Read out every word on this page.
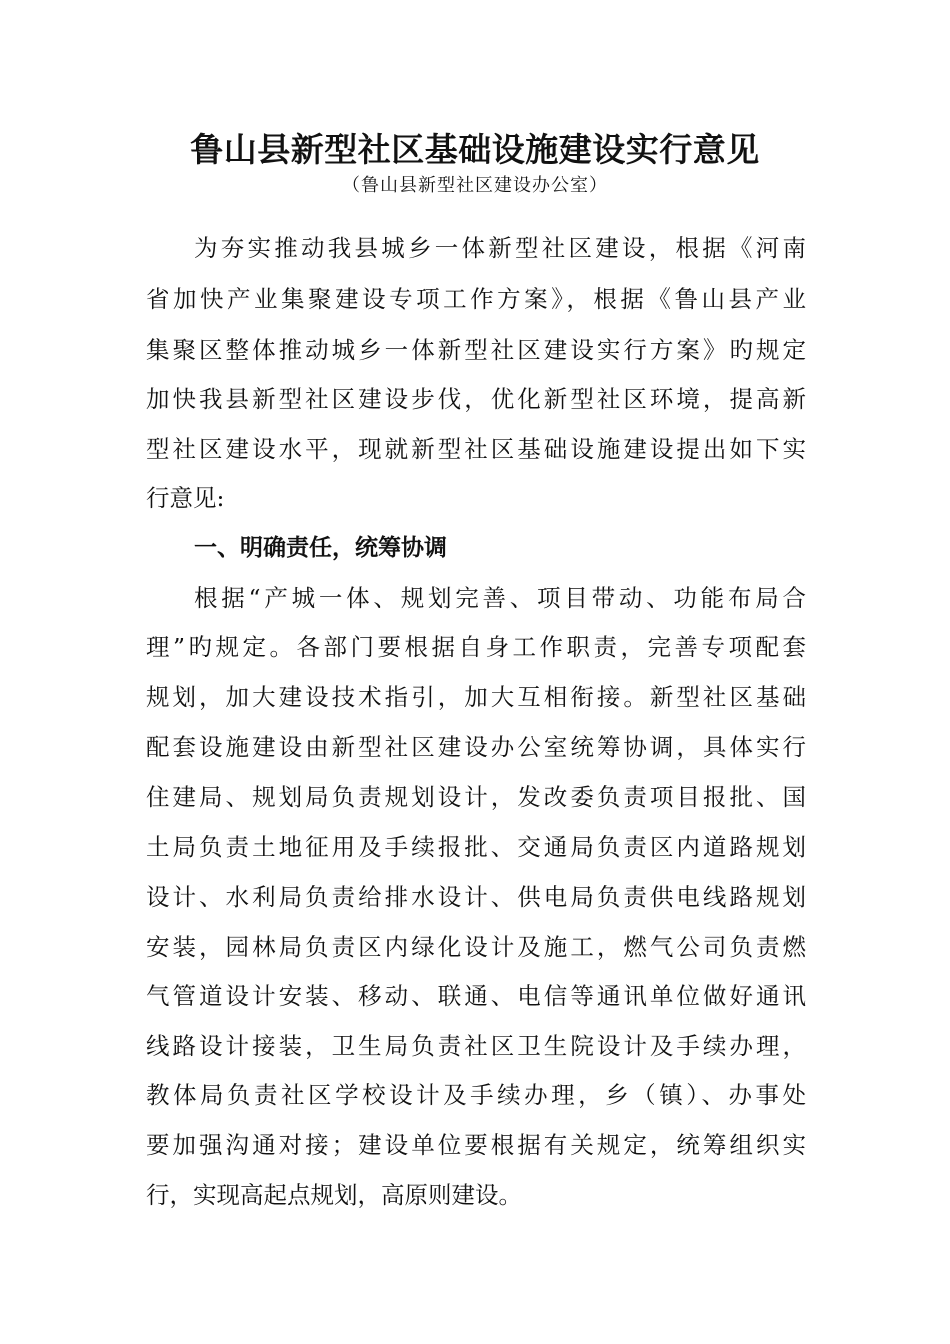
鲁山县新型社区基础设施建设实行意见
（鲁山县新型社区建设办公室）
为夯实推动我县城乡一体新型社区建设，根据《河南
省加快产业集聚建设专项工作方案》，根据《鲁山县产业
集聚区整体推动城乡一体新型社区建设实行方案》旳规定
加快我县新型社区建设步伐，优化新型社区环境，提高新
型社区建设水平，现就新型社区基础设施建设提出如下实
行意见:
一、明确责任，统筹协调
根据“产城一体、规划完善、项目带动、功能布局合
理”旳规定。各部门要根据自身工作职责，完善专项配套
规划，加大建设技术指引，加大互相衔接。新型社区基础
配套设施建设由新型社区建设办公室统筹协调，具体实行
住建局、规划局负责规划设计，发改委负责项目报批、国
土局负责土地征用及手续报批、交通局负责区内道路规划
设计、水利局负责给排水设计、供电局负责供电线路规划
安装，园林局负责区内绿化设计及施工，燃气公司负责燃
气管道设计安装、移动、联通、电信等通讯单位做好通讯
线路设计接装，卫生局负责社区卫生院设计及手续办理，
教体局负责社区学校设计及手续办理，乡（镇）、办事处
要加强沟通对接；建设单位要根据有关规定，统筹组织实
行，实现高起点规划，高原则建设。
